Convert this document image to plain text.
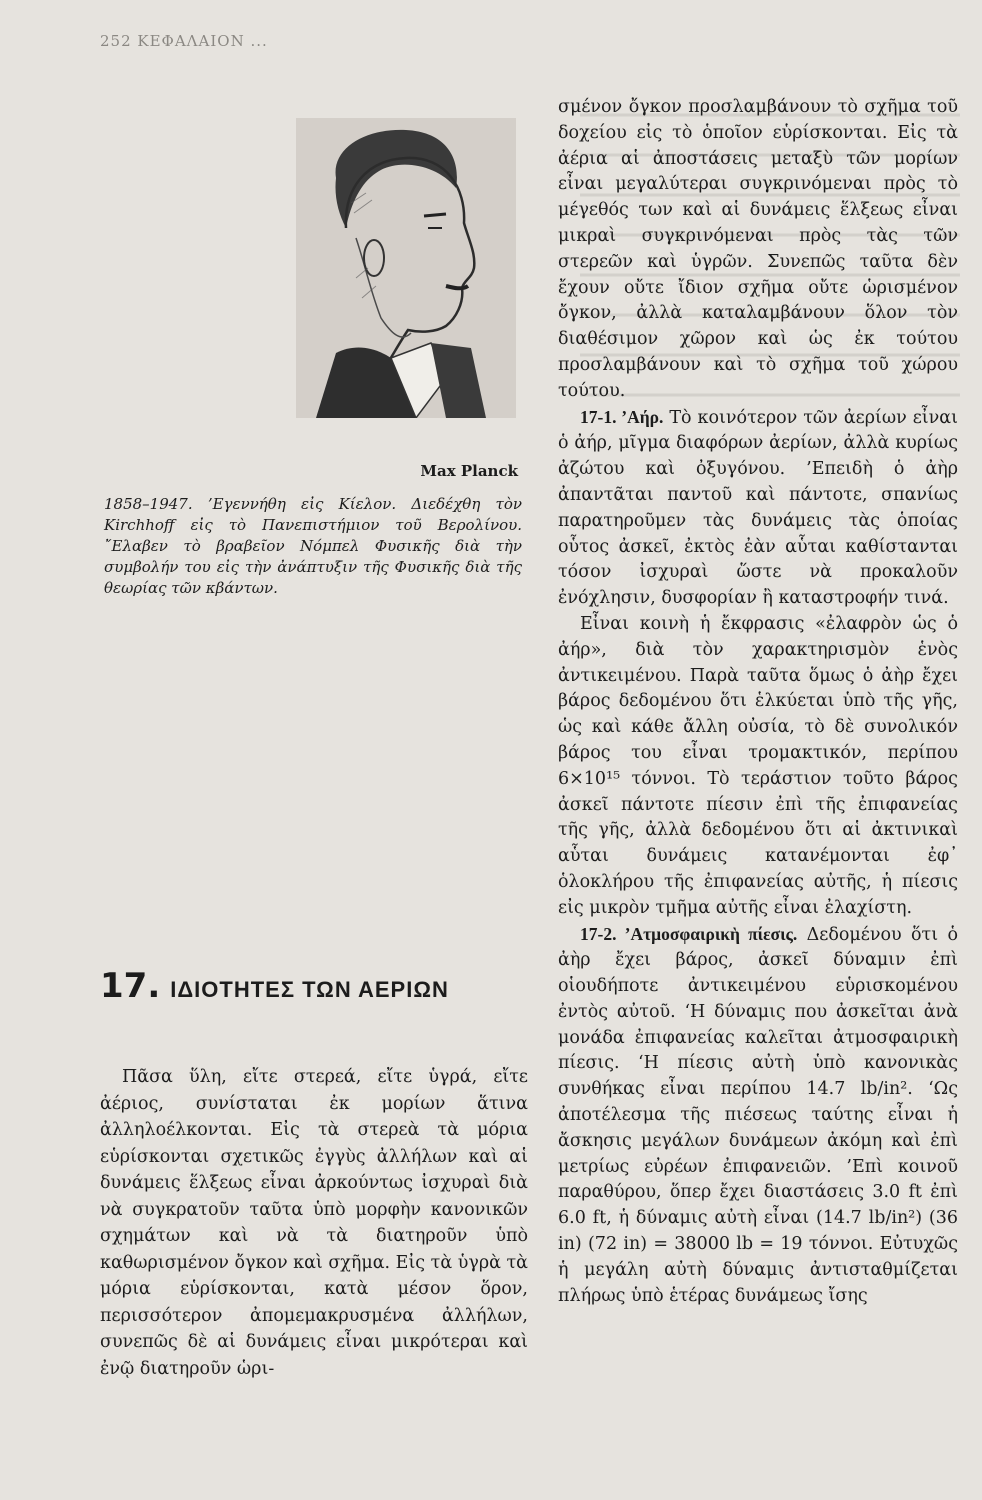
252 ΚΕΦΑΛΑΙΟΝ ...
Max Planck
1858–1947. ’Εγεννήθη εἰς Κίελον. Διεδέχθη τὸν Kirchhoff εἰς τὸ Πανεπιστήμιον τοῦ Βερολίνου. ῎Ελαβεν τὸ βραβεῖον Νόμπελ Φυσικῆς διὰ τὴν συμβολήν του εἰς τὴν ἀνάπτυξιν τῆς Φυσικῆς διὰ τῆς θεωρίας τῶν κβάντων.
17. ΙΔΙΟΤΗΤΕΣ ΤΩΝ ΑΕΡΙΩΝ

Πᾶσα ὕλη, εἴτε στερεά, εἴτε ὑγρά, εἴτε ἀέριος, συνίσταται ἐκ μορίων ἅτινα ἀλληλοέλκονται. Εἰς τὰ στερεὰ τὰ μόρια εὑρίσκονται σχετικῶς ἐγγὺς ἀλλήλων καὶ αἱ δυνάμεις ἕλξεως εἶναι ἀρκούντως ἰσχυραὶ διὰ νὰ συγκρατοῦν ταῦτα ὑπὸ μορφὴν κανονικῶν σχημάτων καὶ νὰ τὰ διατηροῦν ὑπὸ καθωρισμένον ὄγκον καὶ σχῆμα. Εἰς τὰ ὑγρὰ τὰ μόρια εὑρίσκονται, κατὰ μέσον ὅρον, περισσότερον ἀπομεμακρυσμένα ἀλλήλων, συνεπῶς δὲ αἱ δυνάμεις εἶναι μικρότεραι καὶ ἐνῷ διατηροῦν ὡρι-

σμένον ὄγκον προσλαμβάνουν τὸ σχῆμα τοῦ δοχείου εἰς τὸ ὁποῖον εὑρίσκονται. Εἰς τὰ ἀέρια αἱ ἀποστάσεις μεταξὺ τῶν μορίων εἶναι μεγαλύτεραι συγκρινόμεναι πρὸς τὸ μέγεθός των καὶ αἱ δυνάμεις ἕλξεως εἶναι μικραὶ συγκρινόμεναι πρὸς τὰς τῶν στερεῶν καὶ ὑγρῶν. Συνεπῶς ταῦτα δὲν ἔχουν οὔτε ἴδιον σχῆμα οὔτε ὡρισμένον ὄγκον, ἀλλὰ καταλαμβάνουν ὅλον τὸν διαθέσιμον χῶρον καὶ ὡς ἐκ τούτου προσλαμβάνουν καὶ τὸ σχῆμα τοῦ χώρου τούτου.

17-1. ’Αήρ. Τὸ κοινότερον τῶν ἀερίων εἶναι ὁ ἀήρ, μῖγμα διαφόρων ἀερίων, ἀλλὰ κυρίως ἀζώτου καὶ ὀξυγόνου. ’Επειδὴ ὁ ἀὴρ ἀπαντᾶται παντοῦ καὶ πάντοτε, σπανίως παρατηροῦμεν τὰς δυνάμεις τὰς ὁποίας οὗτος ἀσκεῖ, ἐκτὸς ἐὰν αὗται καθίστανται τόσον ἰσχυραὶ ὥστε νὰ προκαλοῦν ἐνόχλησιν, δυσφορίαν ἢ καταστροφήν τινά.

Εἶναι κοινὴ ἡ ἔκφρασις «ἐλαφρὸν ὡς ὁ ἀήρ», διὰ τὸν χαρακτηρισμὸν ἑνὸς ἀντικειμένου. Παρὰ ταῦτα ὅμως ὁ ἀὴρ ἔχει βάρος δεδομένου ὅτι ἑλκύεται ὑπὸ τῆς γῆς, ὡς καὶ κάθε ἄλλη οὐσία, τὸ δὲ συνολικόν βάρος του εἶναι τρομακτικόν, περίπου 6×10¹⁵ τόννοι. Τὸ τεράστιον τοῦτο βάρος ἀσκεῖ πάντοτε πίεσιν ἐπὶ τῆς ἐπιφανείας τῆς γῆς, ἀλλὰ δεδομένου ὅτι αἱ ἀκτινικαὶ αὗται δυνάμεις κατανέμονται ἐφ᾽ ὁλοκλήρου τῆς ἐπιφανείας αὐτῆς, ἡ πίεσις εἰς μικρὸν τμῆμα αὐτῆς εἶναι ἐλαχίστη.

17-2. ’Ατμοσφαιρικὴ πίεσις. Δεδομένου ὅτι ὁ ἀὴρ ἔχει βάρος, ἀσκεῖ δύναμιν ἐπὶ οἱουδήποτε ἀντικειμένου εὑρισκομένου ἐντὸς αὐτοῦ. ‘Η δύναμις που ἀσκεῖται ἀνὰ μονάδα ἐπιφανείας καλεῖται ἀτμοσφαιρικὴ πίεσις. ‘Η πίεσις αὐτὴ ὑπὸ κανονικὰς συνθήκας εἶναι περίπου 14.7 lb/in². ‘Ως ἀποτέλεσμα τῆς πιέσεως ταύτης εἶναι ἡ ἄσκησις μεγάλων δυνάμεων ἀκόμη καὶ ἐπὶ μετρίως εὐρέων ἐπιφανειῶν. ’Επὶ κοινοῦ παραθύρου, ὅπερ ἔχει διαστάσεις 3.0 ft ἐπὶ 6.0 ft, ἡ δύναμις αὐτὴ εἶναι (14.7 lb/in²) (36 in) (72 in) = 38000 lb = 19 τόννοι. Εὐτυχῶς ἡ μεγάλη αὐτὴ δύναμις ἀντισταθμίζεται πλήρως ὑπὸ ἑτέρας δυνάμεως ἴσης
